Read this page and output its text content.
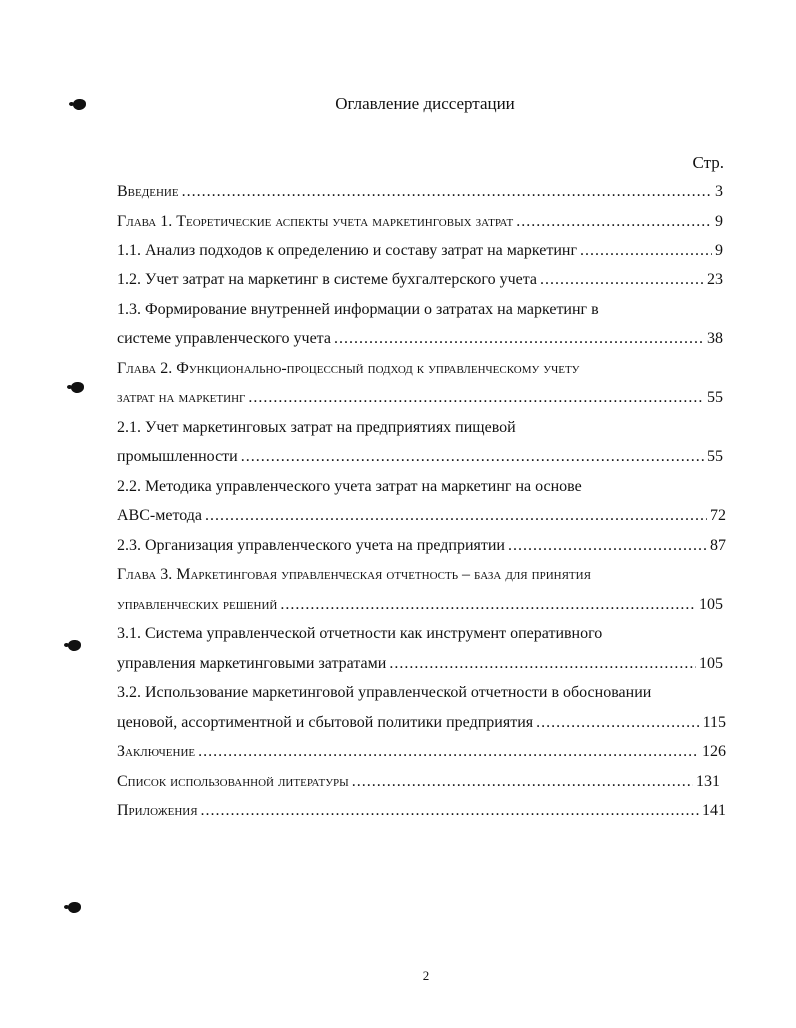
Оглавление диссертации
Стр.
Введение .....	3
Глава 1. Теоретические аспекты учета маркетинговых затрат .....	9
1.1. Анализ подходов к определению и составу затрат на маркетинг .....	9
1.2. Учет затрат на маркетинг в системе бухгалтерского учета .....	23
1.3. Формирование внутренней информации о затратах на маркетинг в
системе управленческого учета .....	38
Глава 2. Функционально-процессный подход к управленческому учету
затрат на маркетинг .....	55
2.1. Учет маркетинговых затрат на предприятиях пищевой
промышленности .....	55
2.2. Методика управленческого учета затрат на маркетинг на основе
АВС-метода .....	72
2.3. Организация управленческого учета на предприятии .....	87
Глава 3. Маркетинговая управленческая отчетность – база для принятия
управленческих решений .....	105
3.1. Система управленческой отчетности как инструмент оперативного
управления маркетинговыми затратами .....	105
3.2. Использование маркетинговой управленческой отчетности в обосновании
ценовой, ассортиментной и сбытовой политики предприятия .....	115
Заключение .....	126
Список использованной литературы .....	131
Приложения .....	141
2
